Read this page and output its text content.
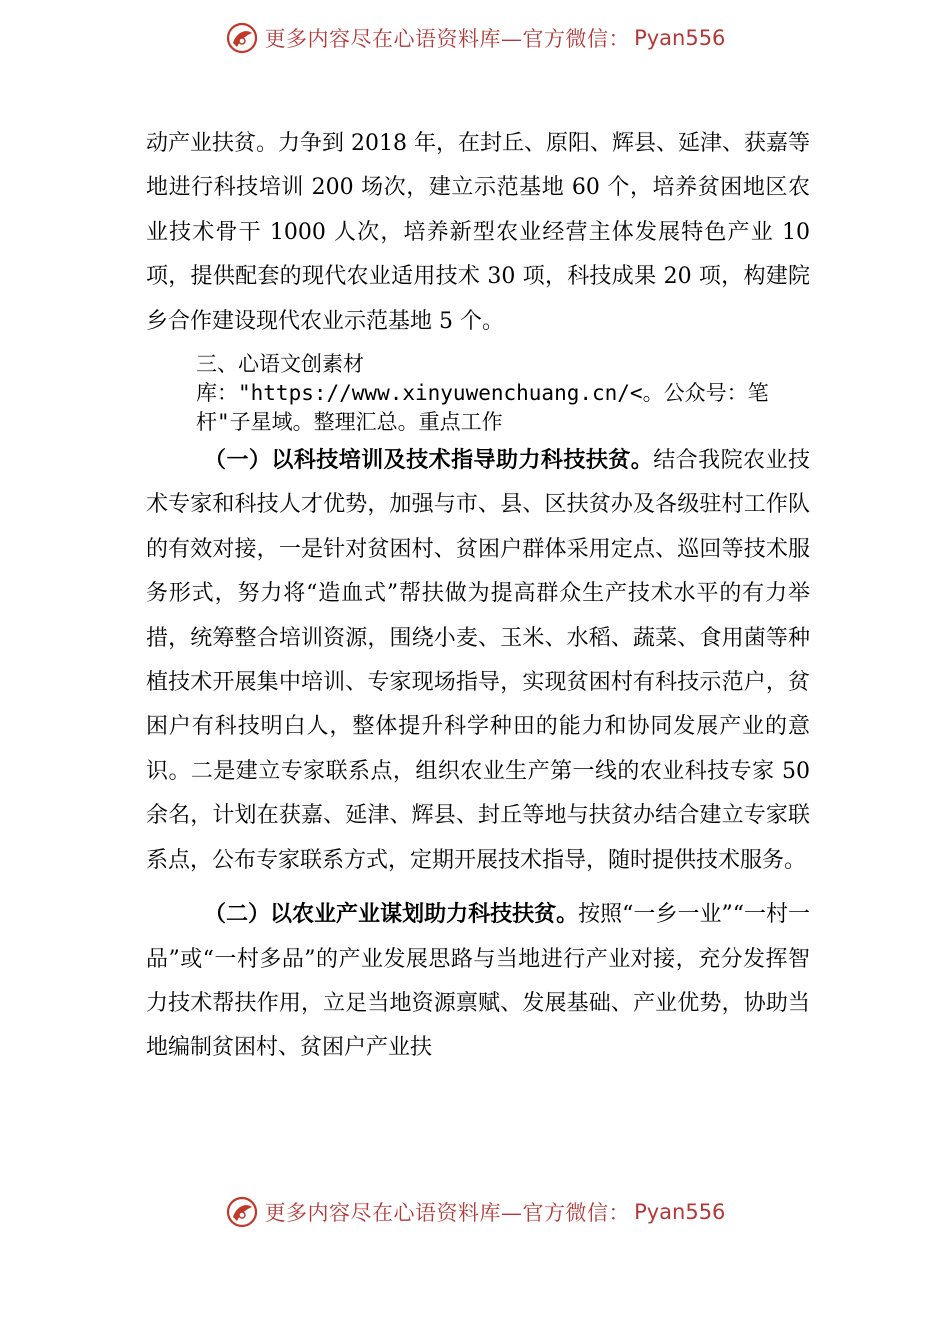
更多内容尽在心语资料库—官方微信： Pyan556

动产业扶贫。力争到 2018 年，在封丘、原阳、辉县、延津、获嘉等地进行科技培训 200 场次，建立示范基地 60 个，培养贫困地区农业技术骨干 1000 人次，培养新型农业经营主体发展特色产业 10 项，提供配套的现代农业适用技术 30 项，科技成果 20 项，构建院乡合作建设现代农业示范基地 5 个。

三、心语文创素材库："https://www.xinyuwenchuang.cn/<。公众号：笔杆"子星域。整理汇总。重点工作

（一）以科技培训及技术指导助力科技扶贫。结合我院农业技术专家和科技人才优势，加强与市、县、区扶贫办及各级驻村工作队的有效对接，一是针对贫困村、贫困户群体采用定点、巡回等技术服务形式，努力将“造血式”帮扶做为提高群众生产技术水平的有力举措，统筹整合培训资源，围绕小麦、玉米、水稻、蔬菜、食用菌等种植技术开展集中培训、专家现场指导，实现贫困村有科技示范户，贫困户有科技明白人，整体提升科学种田的能力和协同发展产业的意识。二是建立专家联系点，组织农业生产第一线的农业科技专家 50 余名，计划在获嘉、延津、辉县、封丘等地与扶贫办结合建立专家联系点，公布专家联系方式，定期开展技术指导，随时提供技术服务。

（二）以农业产业谋划助力科技扶贫。按照“一乡一业”“一村一品”或“一村多品”的产业发展思路与当地进行产业对接，充分发挥智力技术帮扶作用，立足当地资源禀赋、发展基础、产业优势，协助当地编制贫困村、贫困户产业扶

更多内容尽在心语资料库—官方微信： Pyan556
